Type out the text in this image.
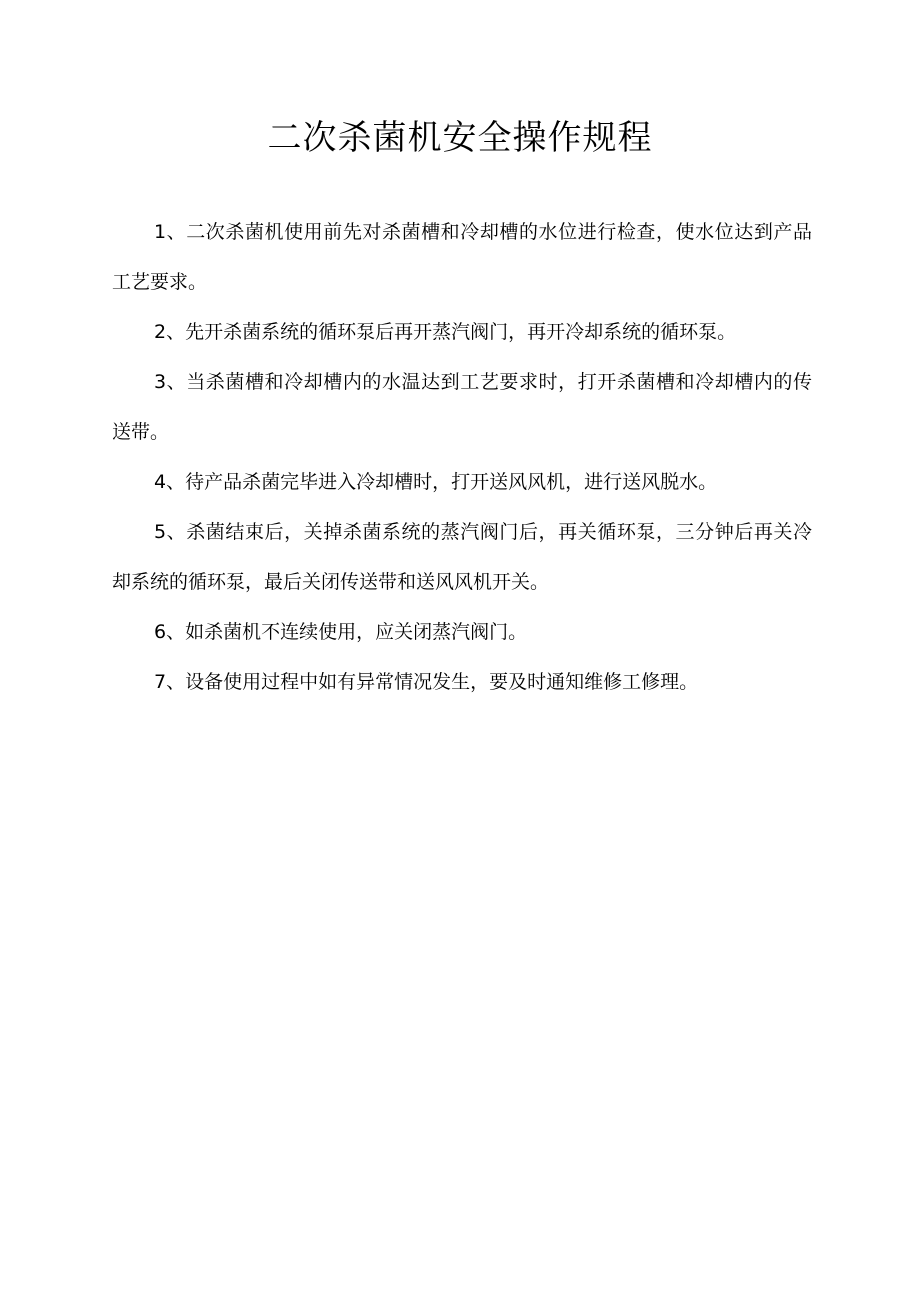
二次杀菌机安全操作规程

1、二次杀菌机使用前先对杀菌槽和冷却槽的水位进行检查，使水位达到产品工艺要求。

2、先开杀菌系统的循环泵后再开蒸汽阀门，再开冷却系统的循环泵。

3、当杀菌槽和冷却槽内的水温达到工艺要求时，打开杀菌槽和冷却槽内的传送带。

4、待产品杀菌完毕进入冷却槽时，打开送风风机，进行送风脱水。

5、杀菌结束后，关掉杀菌系统的蒸汽阀门后，再关循环泵，三分钟后再关冷却系统的循环泵，最后关闭传送带和送风风机开关。

6、如杀菌机不连续使用，应关闭蒸汽阀门。

7、设备使用过程中如有异常情况发生，要及时通知维修工修理。
